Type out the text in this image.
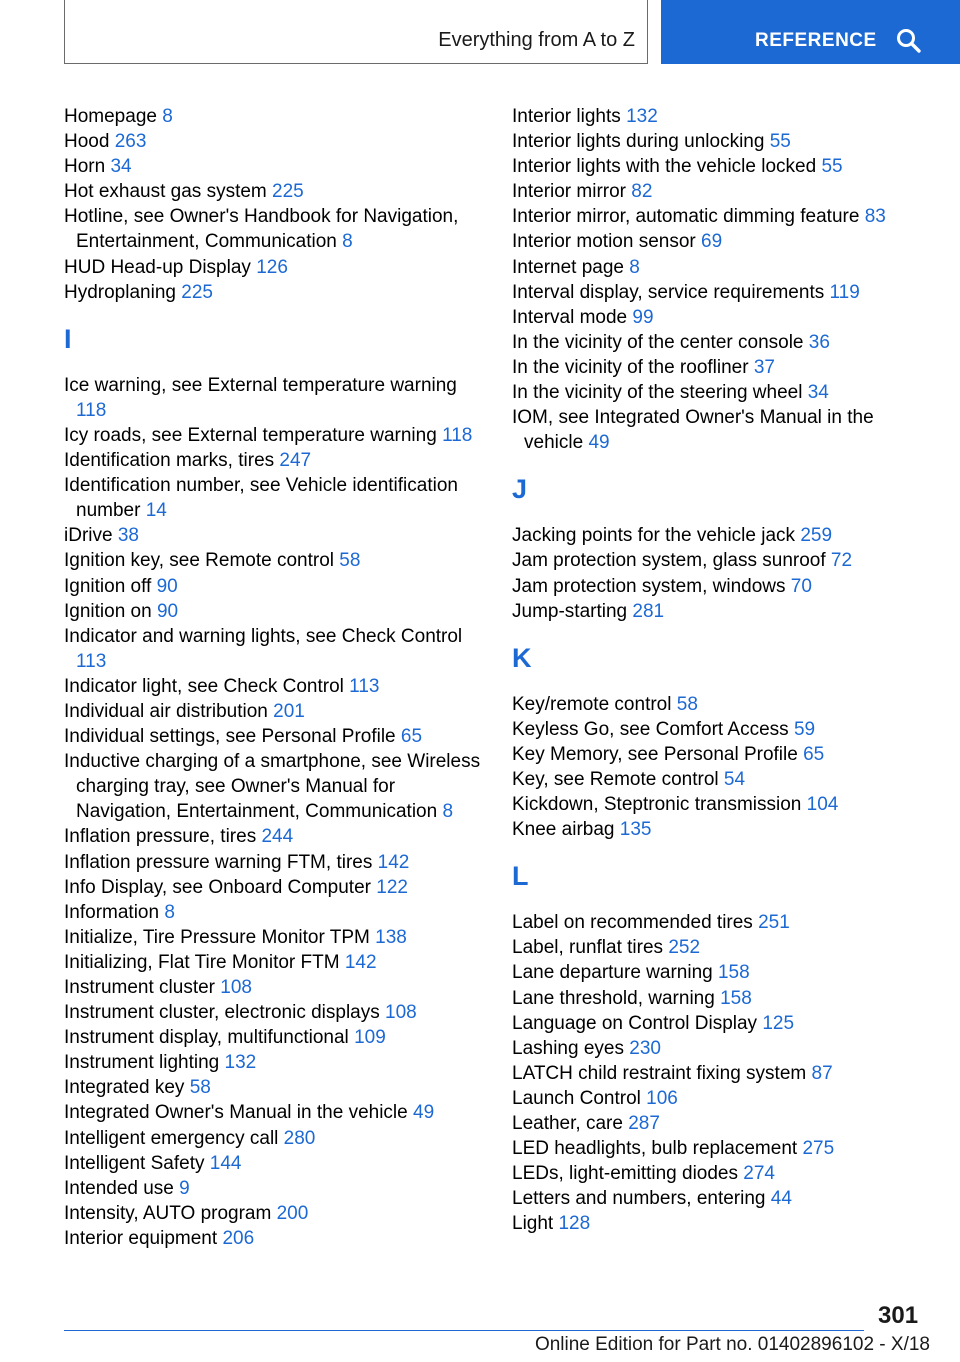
Everything from A to Z	REFERENCE
Homepage 8
Hood 263
Horn 34
Hot exhaust gas system 225
Hotline, see Owner's Handbook for Navigation, Entertainment, Communication 8
HUD Head-up Display 126
Hydroplaning 225
I
Ice warning, see External temperature warning 118
Icy roads, see External temperature warning 118
Identification marks, tires 247
Identification number, see Vehicle identification number 14
iDrive 38
Ignition key, see Remote control 58
Ignition off 90
Ignition on 90
Indicator and warning lights, see Check Control 113
Indicator light, see Check Control 113
Individual air distribution 201
Individual settings, see Personal Profile 65
Inductive charging of a smartphone, see Wireless charging tray, see Owner's Manual for Navigation, Entertainment, Communication 8
Inflation pressure, tires 244
Inflation pressure warning FTM, tires 142
Info Display, see Onboard Computer 122
Information 8
Initialize, Tire Pressure Monitor TPM 138
Initializing, Flat Tire Monitor FTM 142
Instrument cluster 108
Instrument cluster, electronic displays 108
Instrument display, multifunctional 109
Instrument lighting 132
Integrated key 58
Integrated Owner's Manual in the vehicle 49
Intelligent emergency call 280
Intelligent Safety 144
Intended use 9
Intensity, AUTO program 200
Interior equipment 206
Interior lights 132
Interior lights during unlocking 55
Interior lights with the vehicle locked 55
Interior mirror 82
Interior mirror, automatic dimming feature 83
Interior motion sensor 69
Internet page 8
Interval display, service requirements 119
Interval mode 99
In the vicinity of the center console 36
In the vicinity of the roofliner 37
In the vicinity of the steering wheel 34
IOM, see Integrated Owner's Manual in the vehicle 49
J
Jacking points for the vehicle jack 259
Jam protection system, glass sunroof 72
Jam protection system, windows 70
Jump-starting 281
K
Key/remote control 58
Keyless Go, see Comfort Access 59
Key Memory, see Personal Profile 65
Key, see Remote control 54
Kickdown, Steptronic transmission 104
Knee airbag 135
L
Label on recommended tires 251
Label, runflat tires 252
Lane departure warning 158
Lane threshold, warning 158
Language on Control Display 125
Lashing eyes 230
LATCH child restraint fixing system 87
Launch Control 106
Leather, care 287
LED headlights, bulb replacement 275
LEDs, light-emitting diodes 274
Letters and numbers, entering 44
Light 128
301
Online Edition for Part no. 01402896102 - X/18
